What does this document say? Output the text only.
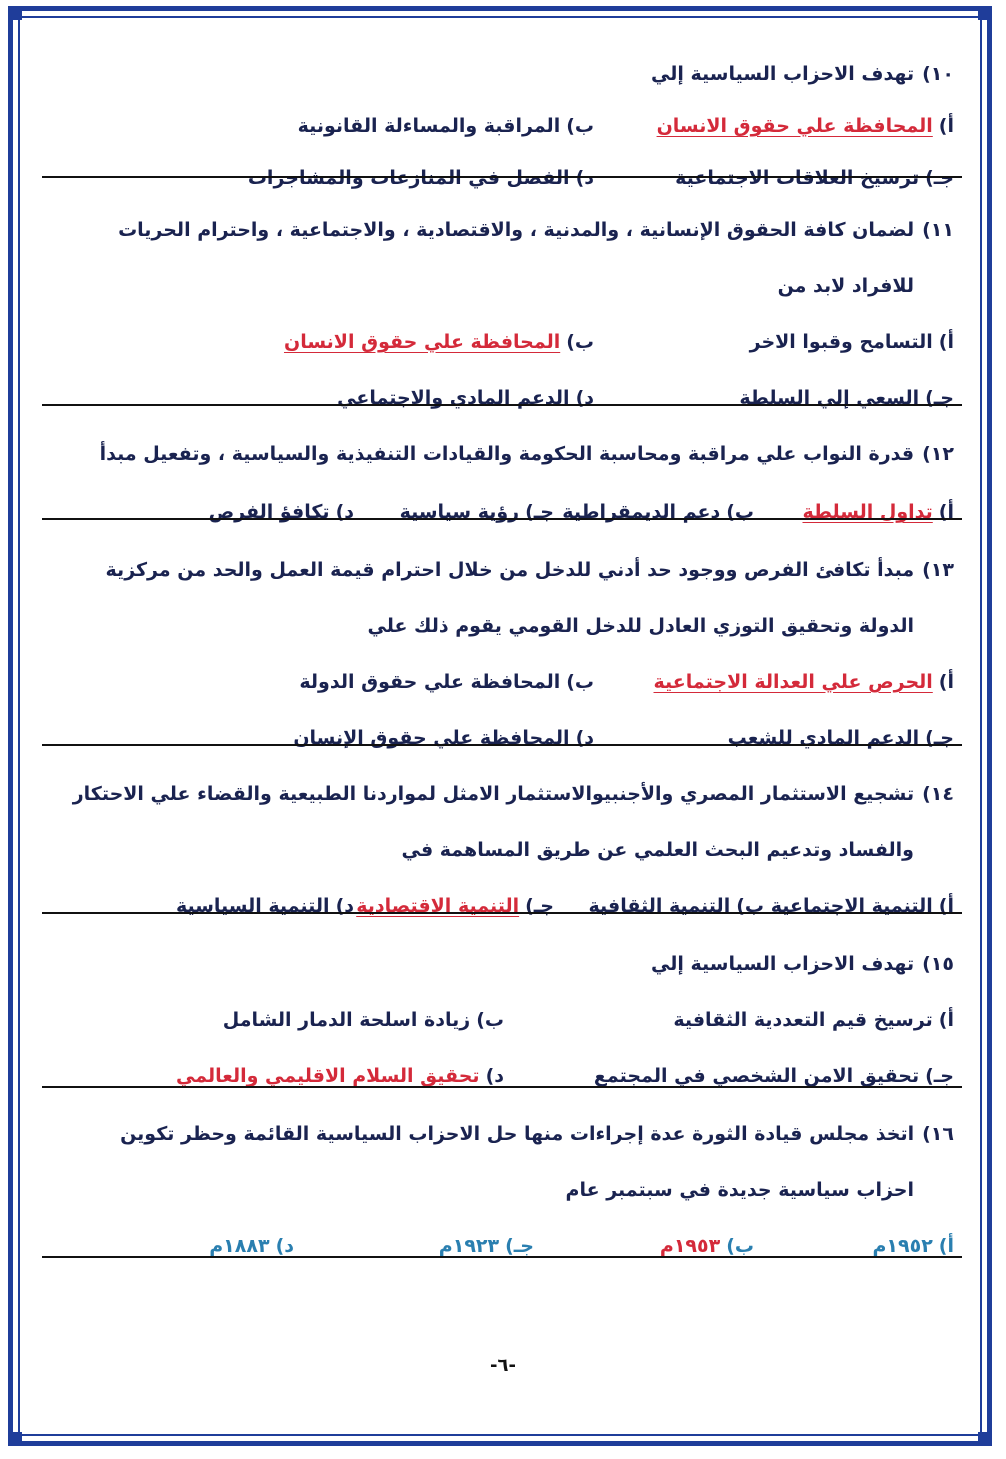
١٠)
تهدف الاحزاب السياسية إلي
أ)
المحافظة علي حقوق الانسان
ب)
المراقبة والمساءلة القانونية
جـ)
ترسيخ العلاقات الاجتماعية
د)
الفصل في المنازعات والمشاجرات
١١)
لضمان كافة الحقوق الإنسانية ، والمدنية ، والاقتصادية ، والاجتماعية ، واحترام الحريات
للافراد لابد من
أ)
التسامح وقبوا الاخر
ب)
المحافظة علي حقوق الانسان
جـ)
السعي إلي السلطة
د)
الدعم المادي والاجتماعي
١٢)
قدرة النواب علي مراقبة ومحاسبة الحكومة والقيادات التنفيذية والسياسية ، وتفعيل مبدأ
أ)
تداول السلطة
ب)
دعم الديمقراطية
جـ)
رؤية سياسية
د)
تكافؤ الفرص
١٣)
مبدأ تكافئ الفرص ووجود حد أدني للدخل من خلال احترام قيمة العمل والحد من مركزية
الدولة وتحقيق التوزي العادل للدخل القومي يقوم ذلك علي
أ)
الحرص علي العدالة الاجتماعية
ب)
المحافظة علي حقوق الدولة
جـ)
الدعم المادي للشعب
د)
المحافظة علي حقوق الإنسان
١٤)
تشجيع الاستثمار المصري والأجنبيوالاستثمار الامثل لمواردنا الطبيعية والقضاء علي الاحتكار
والفساد وتدعيم البحث العلمي عن طريق المساهمة في
أ)
التنمية الاجتماعية
ب)
التنمية الثقافية
جـ)
التنمية الاقتصادية
د)
التنمية السياسية
١٥)
تهدف الاحزاب السياسية إلي
أ)
ترسيخ قيم التعددية الثقافية
ب)
زيادة اسلحة الدمار الشامل
جـ)
تحقيق الامن الشخصي في المجتمع
د)
تحقيق السلام الاقليمي والعالمي
١٦)
اتخذ مجلس قيادة الثورة عدة إجراءات منها حل الاحزاب السياسية القائمة وحظر تكوين
احزاب سياسية جديدة في سبتمبر عام
أ)
١٩٥٢م
ب)
١٩٥٣م
جـ)
١٩٢٣م
د)
١٨٨٣م
-٦-
